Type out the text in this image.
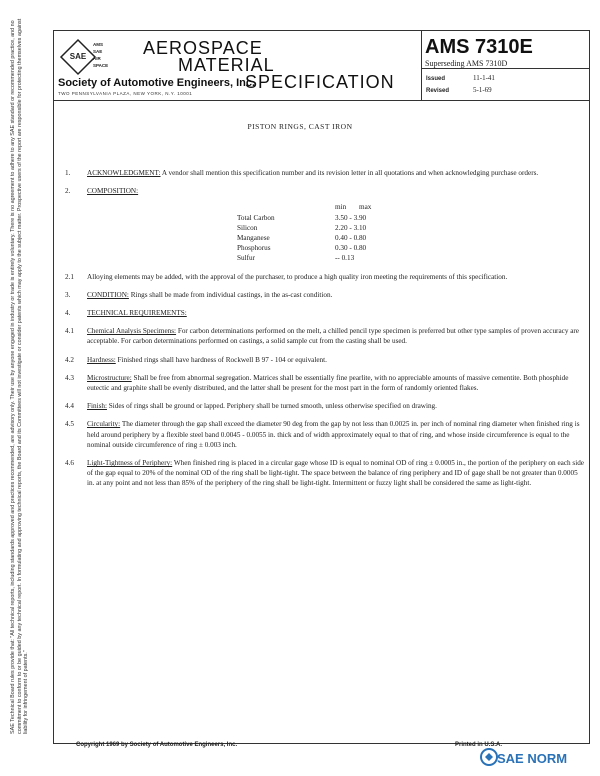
SAE
AMS
SAE
AIR
SPACE
AEROSPACE
MATERIAL
SPECIFICATION
Society of Automotive Engineers, Inc.
TWO PENNSYLVANIA PLAZA, NEW YORK, N.Y. 10001
AMS 7310E
Superseding AMS 7310D
Issued	11-1-41
Revised	5-1-69
PISTON RINGS, CAST IRON
1. ACKNOWLEDGMENT: A vendor shall mention this specification number and its revision letter in all quotations and when acknowledging purchase orders.
2. COMPOSITION:
min max
Total Carbon	3.50 - 3.90
Silicon	2.20 - 3.10
Manganese	0.40 - 0.80
Phosphorus	0.30 - 0.80
Sulfur	-- 0.13
2.1 Alloying elements may be added, with the approval of the purchaser, to produce a high quality iron meeting the requirements of this specification.
3. CONDITION: Rings shall be made from individual castings, in the as-cast condition.
4. TECHNICAL REQUIREMENTS:
4.1 Chemical Analysis Specimens: For carbon determinations performed on the melt, a chilled pencil type specimen is preferred but other type samples of proven accuracy are acceptable. For carbon determinations performed on castings, a solid sample cut from the casting shall be used.
4.2 Hardness: Finished rings shall have hardness of Rockwell B 97 - 104 or equivalent.
4.3 Microstructure: Shall be free from abnormal segregation. Matrices shall be essentially fine pearlite, with no appreciable amounts of massive cementite. Both phosphide eutectic and graphite shall be evenly distributed, and the latter shall be present for the most part in the form of randomly oriented flakes.
4.4 Finish: Sides of rings shall be ground or lapped. Periphery shall be turned smooth, unless otherwise specified on drawing.
4.5 Circularity: The diameter through the gap shall exceed the diameter 90 deg from the gap by not less than 0.0025 in. per inch of nominal ring diameter when finished ring is held around periphery by a flexible steel band 0.0045 - 0.0055 in. thick and of width approximately equal to that of ring, and whose inside circumference is equal to the nominal outside circumference of ring ± 0.003 inch.
4.6 Light-Tightness of Periphery: When finished ring is placed in a circular gage whose ID is equal to nominal OD of ring ± 0.0005 in., the portion of the periphery on each side of the gap equal to 20% of the nominal OD of the ring shall be light-tight. The space between the balance of ring periphery and ID of gage shall be not greater than 0.0005 in. at any point and not less than 85% of the periphery of the ring shall be light-tight. Intermittent or fuzzy light shall be considered the same as light-tight.
SAE Technical Board rules provide that: "All technical reports, including standards approved and practices recommended, are advisory only. Their use by anyone engaged in industry or trade is entirely voluntary. There is no agreement to adhere to any SAE standard or recommended practice, and no commitment to conform to or be guided by any technical report. In formulating and approving technical reports, the Board and its Committees will not investigate or consider patents which may apply to the subject matter. Prospective users of the report are responsible for protecting themselves against liability for infringement of patents."
Copyright 1969 by Society of Automotive Engineers, Inc.	Printed in U.S.A.
SAE NORM
